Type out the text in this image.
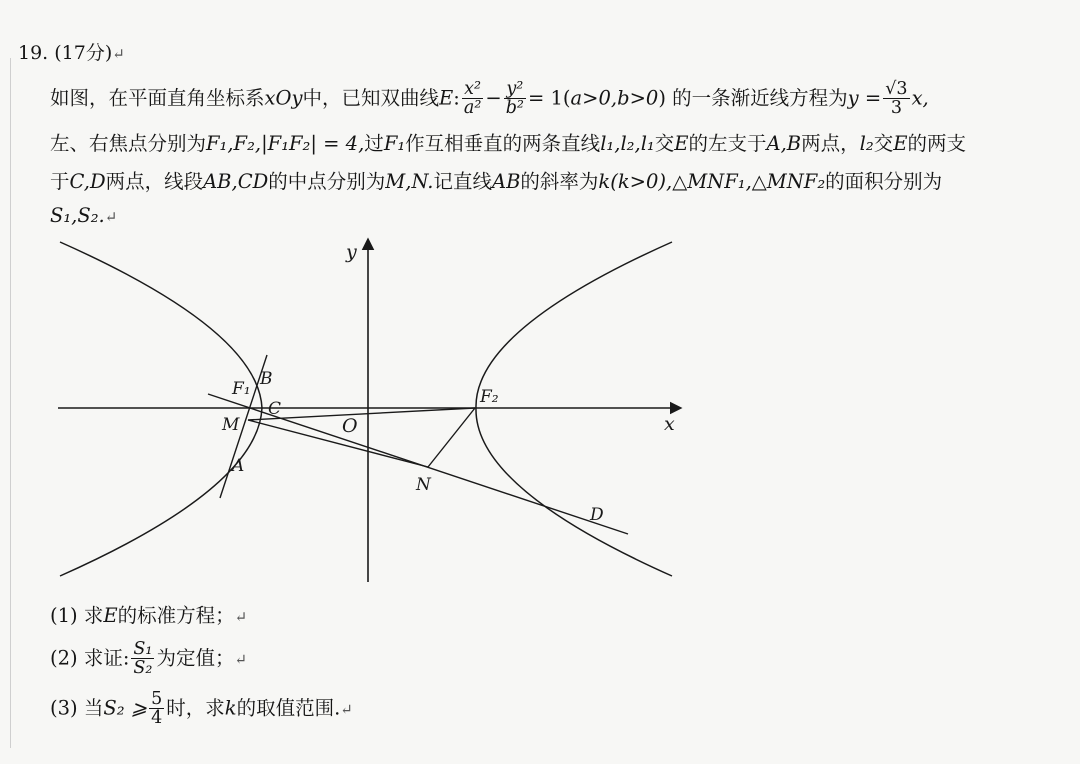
19. (17分)↵
如图，在平面直角坐标系xOy中，已知双曲线E: $\frac{\text{x²}}{\text{a²}} - \frac{\text{y²}}{\text{b²}} = 1(a>0,b>0)$ 的一条渐近线方程为$y = \frac{√3}{3} x$,
左、右焦点分别为F₁,F₂,|F₁F₂| = 4,过F₁作互相垂直的两条直线l₁,l₂,l₁交E的左支于A,B两点，l₂交E的两支
于C,D两点，线段AB,CD的中点分别为M,N.记直线AB的斜率为k(k>0),△MNF₁,△MNF₂的面积分别为
S₁,S₂.↵
y
x
O
F₁	F₂
B
C
M
A
N
D
(1) 求E的标准方程；↵
(2) 求证: $\frac{\text{S₁}}{\text{S₂}}$ 为定值；↵
(3) 当S₂ ⩾ $\frac{5}{4}$ 时，求k的取值范围.↵
